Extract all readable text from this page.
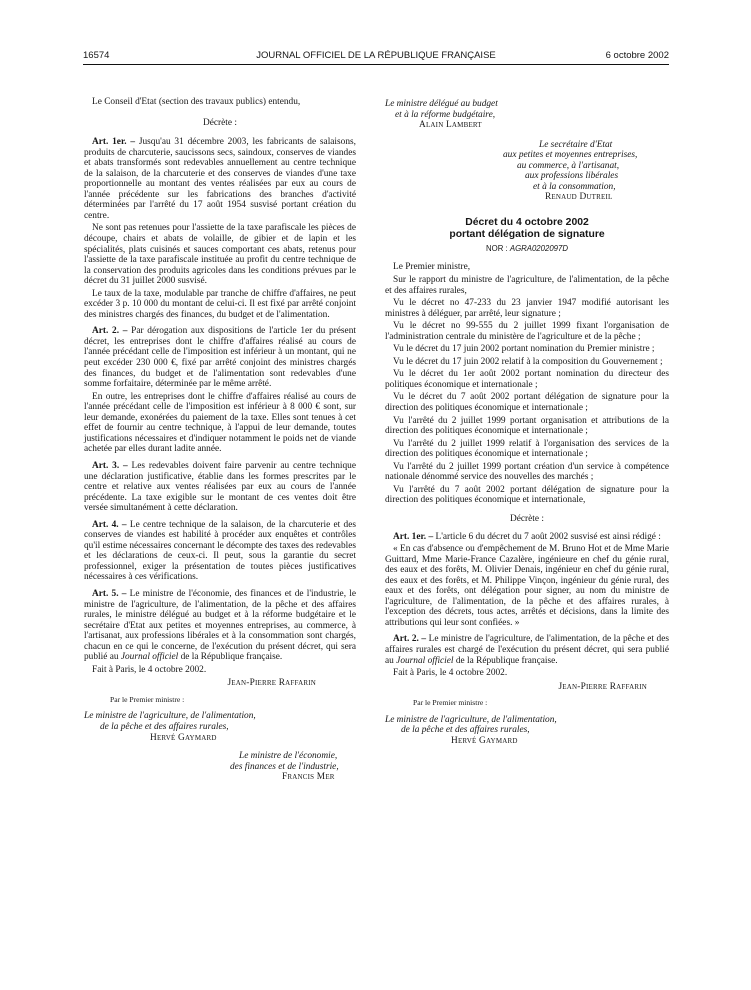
16574	JOURNAL OFFICIEL DE LA RÉPUBLIQUE FRANÇAISE	6 octobre 2002

Le Conseil d'Etat (section des travaux publics) entendu,

Décrète :

Art. 1er. – Jusqu'au 31 décembre 2003, les fabricants de salaisons, produits de charcuterie, saucissons secs, saindoux, conserves de viandes et abats transformés sont redevables annuellement au centre technique de la salaison, de la charcuterie et des conserves de viandes d'une taxe proportionnelle au montant des ventes réalisées par eux au cours de l'année précédente sur les fabrications des branches d'activité déterminées par l'arrêté du 17 août 1954 susvisé portant création du centre.

Ne sont pas retenues pour l'assiette de la taxe parafiscale les pièces de découpe, chairs et abats de volaille, de gibier et de lapin et les spécialités, plats cuisinés et sauces comportant ces abats, retenus pour l'assiette de la taxe parafiscale instituée au profit du centre technique de la conservation des produits agricoles dans les conditions prévues par le décret du 31 juillet 2000 susvisé.

Le taux de la taxe, modulable par tranche de chiffre d'affaires, ne peut excéder 3 p. 10 000 du montant de celui-ci. Il est fixé par arrêté conjoint des ministres chargés des finances, du budget et de l'alimentation.

Art. 2. – Par dérogation aux dispositions de l'article 1er du présent décret, les entreprises dont le chiffre d'affaires réalisé au cours de l'année précédant celle de l'imposition est inférieur à un montant, qui ne peut excéder 230 000 €, fixé par arrêté conjoint des ministres chargés des finances, du budget et de l'alimentation sont redevables d'une somme forfaitaire, déterminée par le même arrêté.

En outre, les entreprises dont le chiffre d'affaires réalisé au cours de l'année précédant celle de l'imposition est inférieur à 8 000 € sont, sur leur demande, exonérées du paiement de la taxe. Elles sont tenues à cet effet de fournir au centre technique, à l'appui de leur demande, toutes justifications nécessaires et d'indiquer notamment le poids net de viande achetée par elles durant ladite année.

Art. 3. – Les redevables doivent faire parvenir au centre technique une déclaration justificative, établie dans les formes prescrites par le centre et relative aux ventes réalisées par eux au cours de l'année précédente. La taxe exigible sur le montant de ces ventes doit être versée simultanément à cette déclaration.

Art. 4. – Le centre technique de la salaison, de la charcuterie et des conserves de viandes est habilité à procéder aux enquêtes et contrôles qu'il estime nécessaires concernant le décompte des taxes des redevables et les déclarations de ceux-ci. Il peut, sous la garantie du secret professionnel, exiger la présentation de toutes pièces justificatives nécessaires à ces vérifications.

Art. 5. – Le ministre de l'économie, des finances et de l'industrie, le ministre de l'agriculture, de l'alimentation, de la pêche et des affaires rurales, le ministre délégué au budget et à la réforme budgétaire et le secrétaire d'Etat aux petites et moyennes entreprises, au commerce, à l'artisanat, aux professions libérales et à la consommation sont chargés, chacun en ce qui le concerne, de l'exécution du présent décret, qui sera publié au Journal officiel de la République française.

Fait à Paris, le 4 octobre 2002.

Jean-Pierre Raffarin

Par le Premier ministre :

Le ministre de l'agriculture, de l'alimentation,

de la pêche et des affaires rurales,

Hervé Gaymard

Le ministre de l'économie,

des finances et de l'industrie,

Francis Mer

Le ministre délégué au budget

et à la réforme budgétaire,

Alain Lambert

Le secrétaire d'Etat

aux petites et moyennes entreprises,

au commerce, à l'artisanat,

aux professions libérales

et à la consommation,

Renaud Dutreil

Décret du 4 octobre 2002
portant délégation de signature
NOR : AGRA0202097D

Le Premier ministre,

Sur le rapport du ministre de l'agriculture, de l'alimentation, de la pêche et des affaires rurales,

Vu le décret no 47-233 du 23 janvier 1947 modifié autorisant les ministres à déléguer, par arrêté, leur signature ;

Vu le décret no 99-555 du 2 juillet 1999 fixant l'organisation de l'administration centrale du ministère de l'agriculture et de la pêche ;

Vu le décret du 17 juin 2002 portant nomination du Premier ministre ;

Vu le décret du 17 juin 2002 relatif à la composition du Gouvernement ;

Vu le décret du 1er août 2002 portant nomination du directeur des politiques économique et internationale ;

Vu le décret du 7 août 2002 portant délégation de signature pour la direction des politiques économique et internationale ;

Vu l'arrêté du 2 juillet 1999 portant organisation et attributions de la direction des politiques économique et internationale ;

Vu l'arrêté du 2 juillet 1999 relatif à l'organisation des services de la direction des politiques économique et internationale ;

Vu l'arrêté du 2 juillet 1999 portant création d'un service à compétence nationale dénommé service des nouvelles des marchés ;

Vu l'arrêté du 7 août 2002 portant délégation de signature pour la direction des politiques économique et internationale,

Décrète :

Art. 1er. – L'article 6 du décret du 7 août 2002 susvisé est ainsi rédigé :

« En cas d'absence ou d'empêchement de M. Bruno Hot et de Mme Marie Guittard, Mme Marie-France Cazalère, ingénieure en chef du génie rural, des eaux et des forêts, M. Olivier Denais, ingénieur en chef du génie rural, des eaux et des forêts, et M. Philippe Vinçon, ingénieur du génie rural, des eaux et des forêts, ont délégation pour signer, au nom du ministre de l'agriculture, de l'alimentation, de la pêche et des affaires rurales, à l'exception des décrets, tous actes, arrêtés et décisions, dans la limite des attributions qui leur sont confiées. »

Art. 2. – Le ministre de l'agriculture, de l'alimentation, de la pêche et des affaires rurales est chargé de l'exécution du présent décret, qui sera publié au Journal officiel de la République française.

Fait à Paris, le 4 octobre 2002.

Jean-Pierre Raffarin

Par le Premier ministre :

Le ministre de l'agriculture, de l'alimentation,

de la pêche et des affaires rurales,

Hervé Gaymard
